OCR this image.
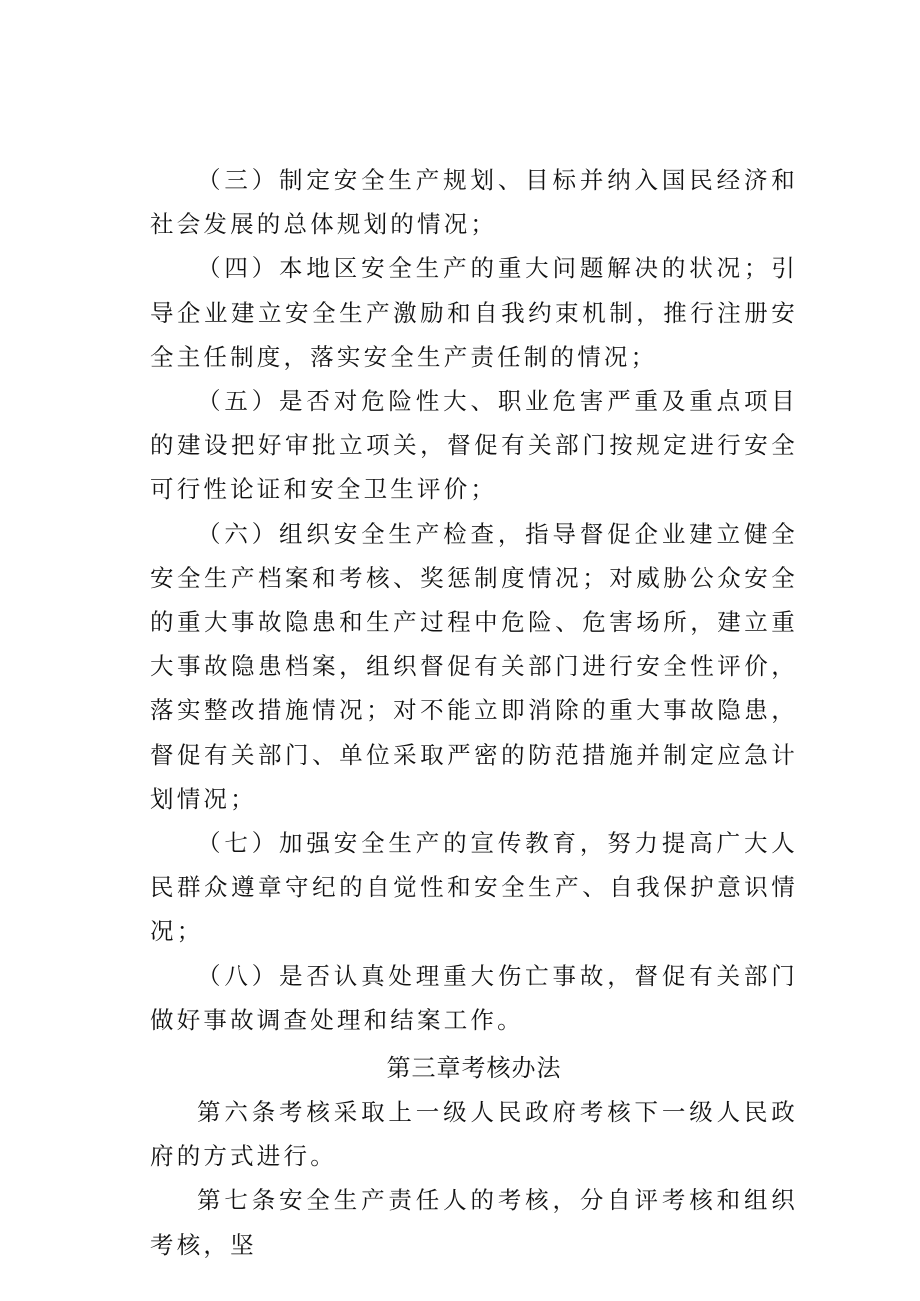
（三）制定安全生产规划、目标并纳入国民经济和社会发展的总体规划的情况；

（四）本地区安全生产的重大问题解决的状况；引导企业建立安全生产激励和自我约束机制，推行注册安全主任制度，落实安全生产责任制的情况；

（五）是否对危险性大、职业危害严重及重点项目的建设把好审批立项关，督促有关部门按规定进行安全可行性论证和安全卫生评价；

（六）组织安全生产检查，指导督促企业建立健全安全生产档案和考核、奖惩制度情况；对威胁公众安全的重大事故隐患和生产过程中危险、危害场所，建立重大事故隐患档案，组织督促有关部门进行安全性评价，落实整改措施情况；对不能立即消除的重大事故隐患，督促有关部门、单位采取严密的防范措施并制定应急计划情况；

（七）加强安全生产的宣传教育，努力提高广大人民群众遵章守纪的自觉性和安全生产、自我保护意识情况；

（八）是否认真处理重大伤亡事故，督促有关部门做好事故调查处理和结案工作。

第三章考核办法

第六条考核采取上一级人民政府考核下一级人民政府的方式进行。

第七条安全生产责任人的考核，分自评考核和组织考核，坚
